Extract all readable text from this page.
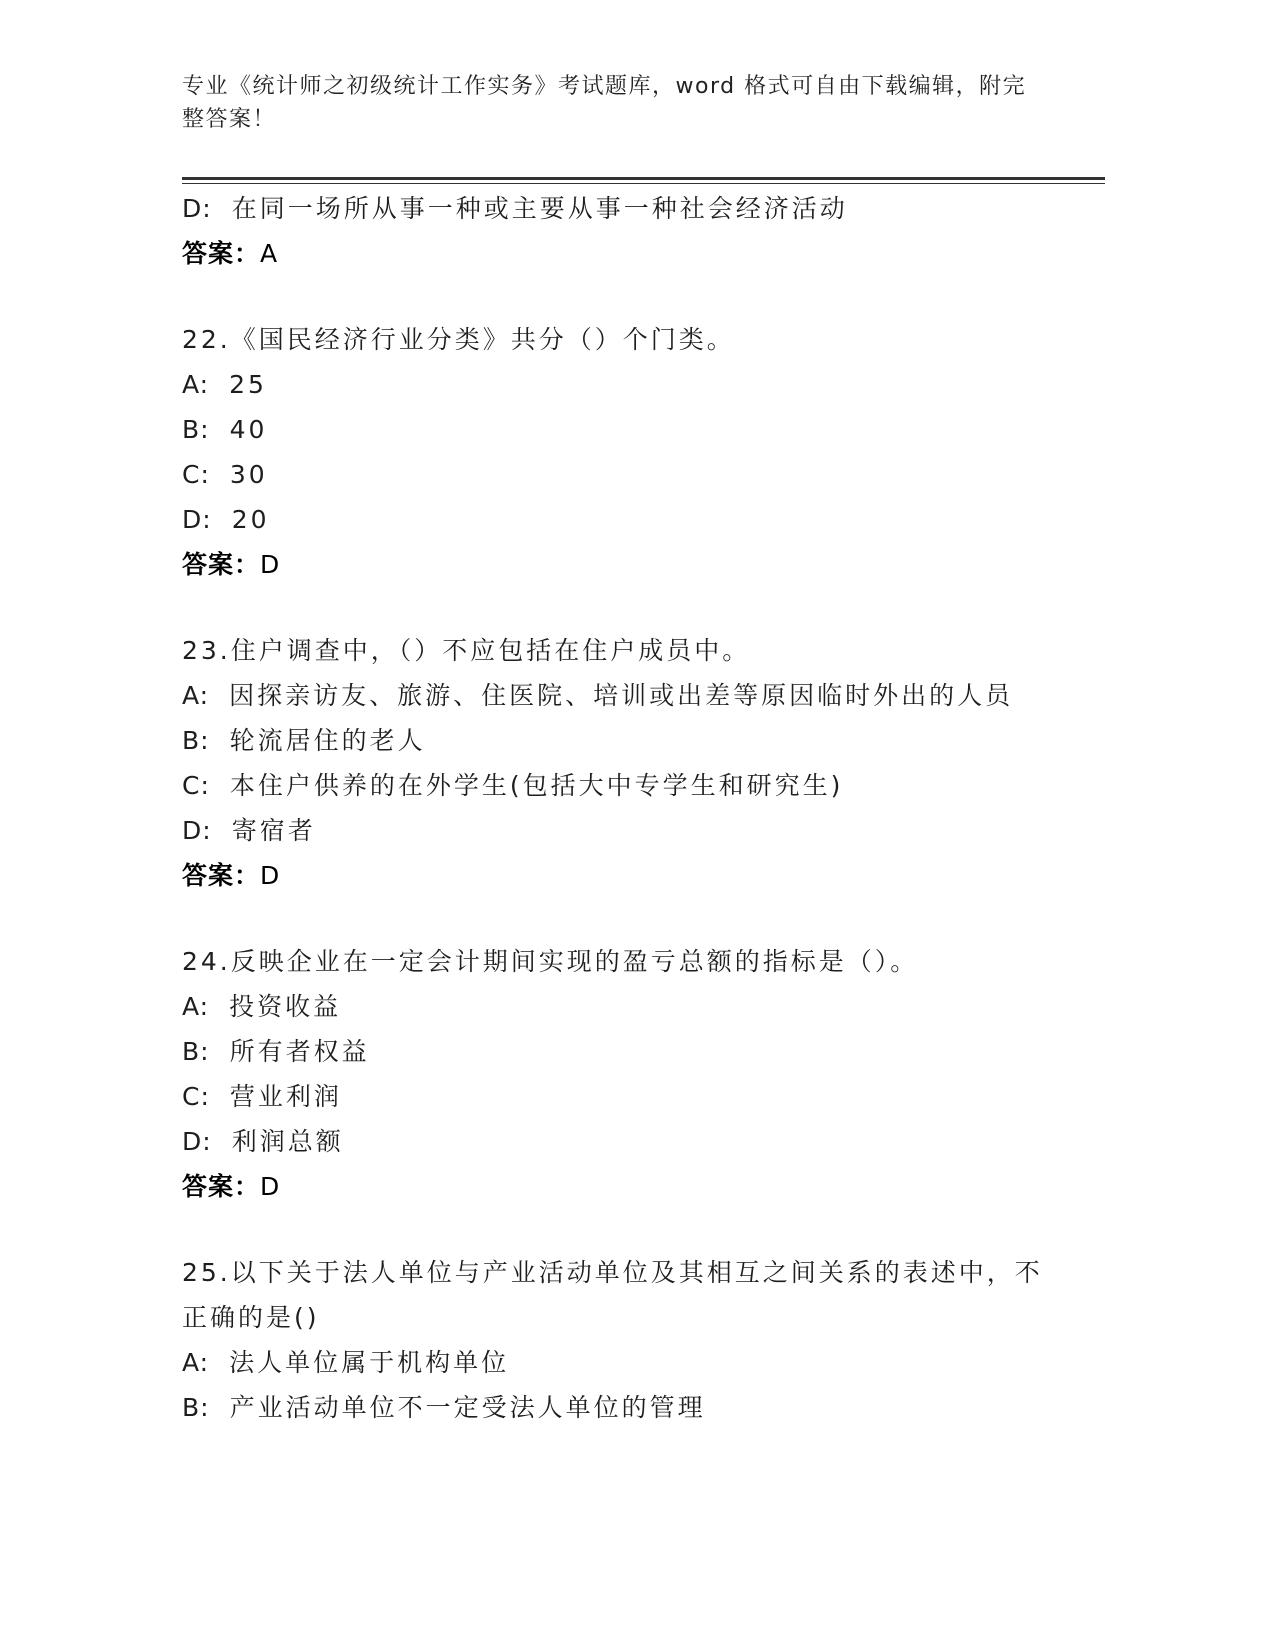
专业《统计师之初级统计工作实务》考试题库，word 格式可自由下载编辑，附完
整答案！
D: 在同一场所从事一种或主要从事一种社会经济活动
答案：A
22.《国民经济行业分类》共分（）个门类。
A: 25
B: 40
C: 30
D: 20
答案：D
23.住户调查中，（）不应包括在住户成员中。
A: 因探亲访友、旅游、住医院、培训或出差等原因临时外出的人员
B: 轮流居住的老人
C: 本住户供养的在外学生(包括大中专学生和研究生)
D: 寄宿者
答案：D
24.反映企业在一定会计期间实现的盈亏总额的指标是（）。
A: 投资收益
B: 所有者权益
C: 营业利润
D: 利润总额
答案：D
25.以下关于法人单位与产业活动单位及其相互之间关系的表述中，不
正确的是()
A: 法人单位属于机构单位
B: 产业活动单位不一定受法人单位的管理
